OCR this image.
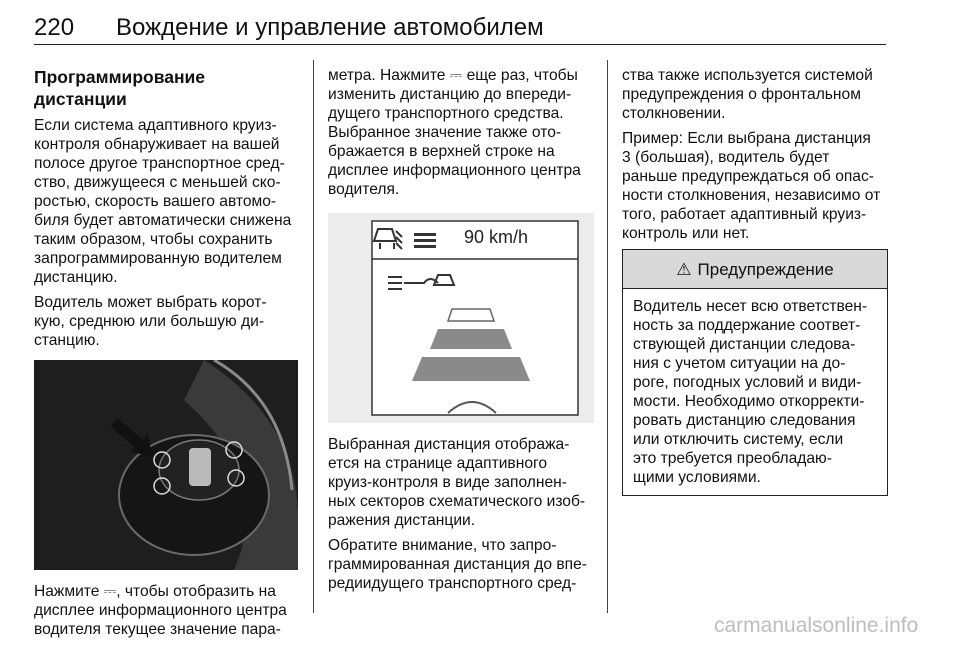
220 Вождение и управление автомобилем
Программирование дистанции

Если система адаптивного круиз-
контроля обнаруживает на вашей
полосе другое транспортное сред-
ство, движущееся с меньшей ско-
ростью, скорость вашего автомо-
биля будет автоматически снижена
таким образом, чтобы сохранить
запрограммированную водителем
дистанцию.

Водитель может выбрать корот-
кую, среднюю или большую ди-
станцию.

Нажмите ⎓, чтобы отобразить на
дисплее информационного центра
водителя текущее значение пара-

метра. Нажмите ⎓ еще раз, чтобы
изменить дистанцию до впереди-
дущего транспортного средства.
Выбранное значение также ото-
бражается в верхней строке на
дисплее информационного центра
водителя.

90 km/h

Выбранная дистанция отобража-
ется на странице адаптивного
круиз-контроля в виде заполнен-
ных секторов схематического изоб-
ражения дистанции.

Обратите внимание, что запро-
граммированная дистанция до впе-
редиидущего транспортного сред-

ства также используется системой
предупреждения о фронтальном
столкновении.

Пример: Если выбрана дистанция
3 (большая), водитель будет
раньше предупреждаться об опас-
ности столкновения, независимо от
того, работает адаптивный круиз-
контроль или нет.

⚠ Предупреждение
Водитель несет всю ответствен-
ность за поддержание соответ-
ствующей дистанции следова-
ния с учетом ситуации на до-
роге, погодных условий и види-
мости. Необходимо откорректи-
ровать дистанцию следования
или отключить систему, если
это требуется преобладаю-
щими условиями.
carmanualsonline.info
